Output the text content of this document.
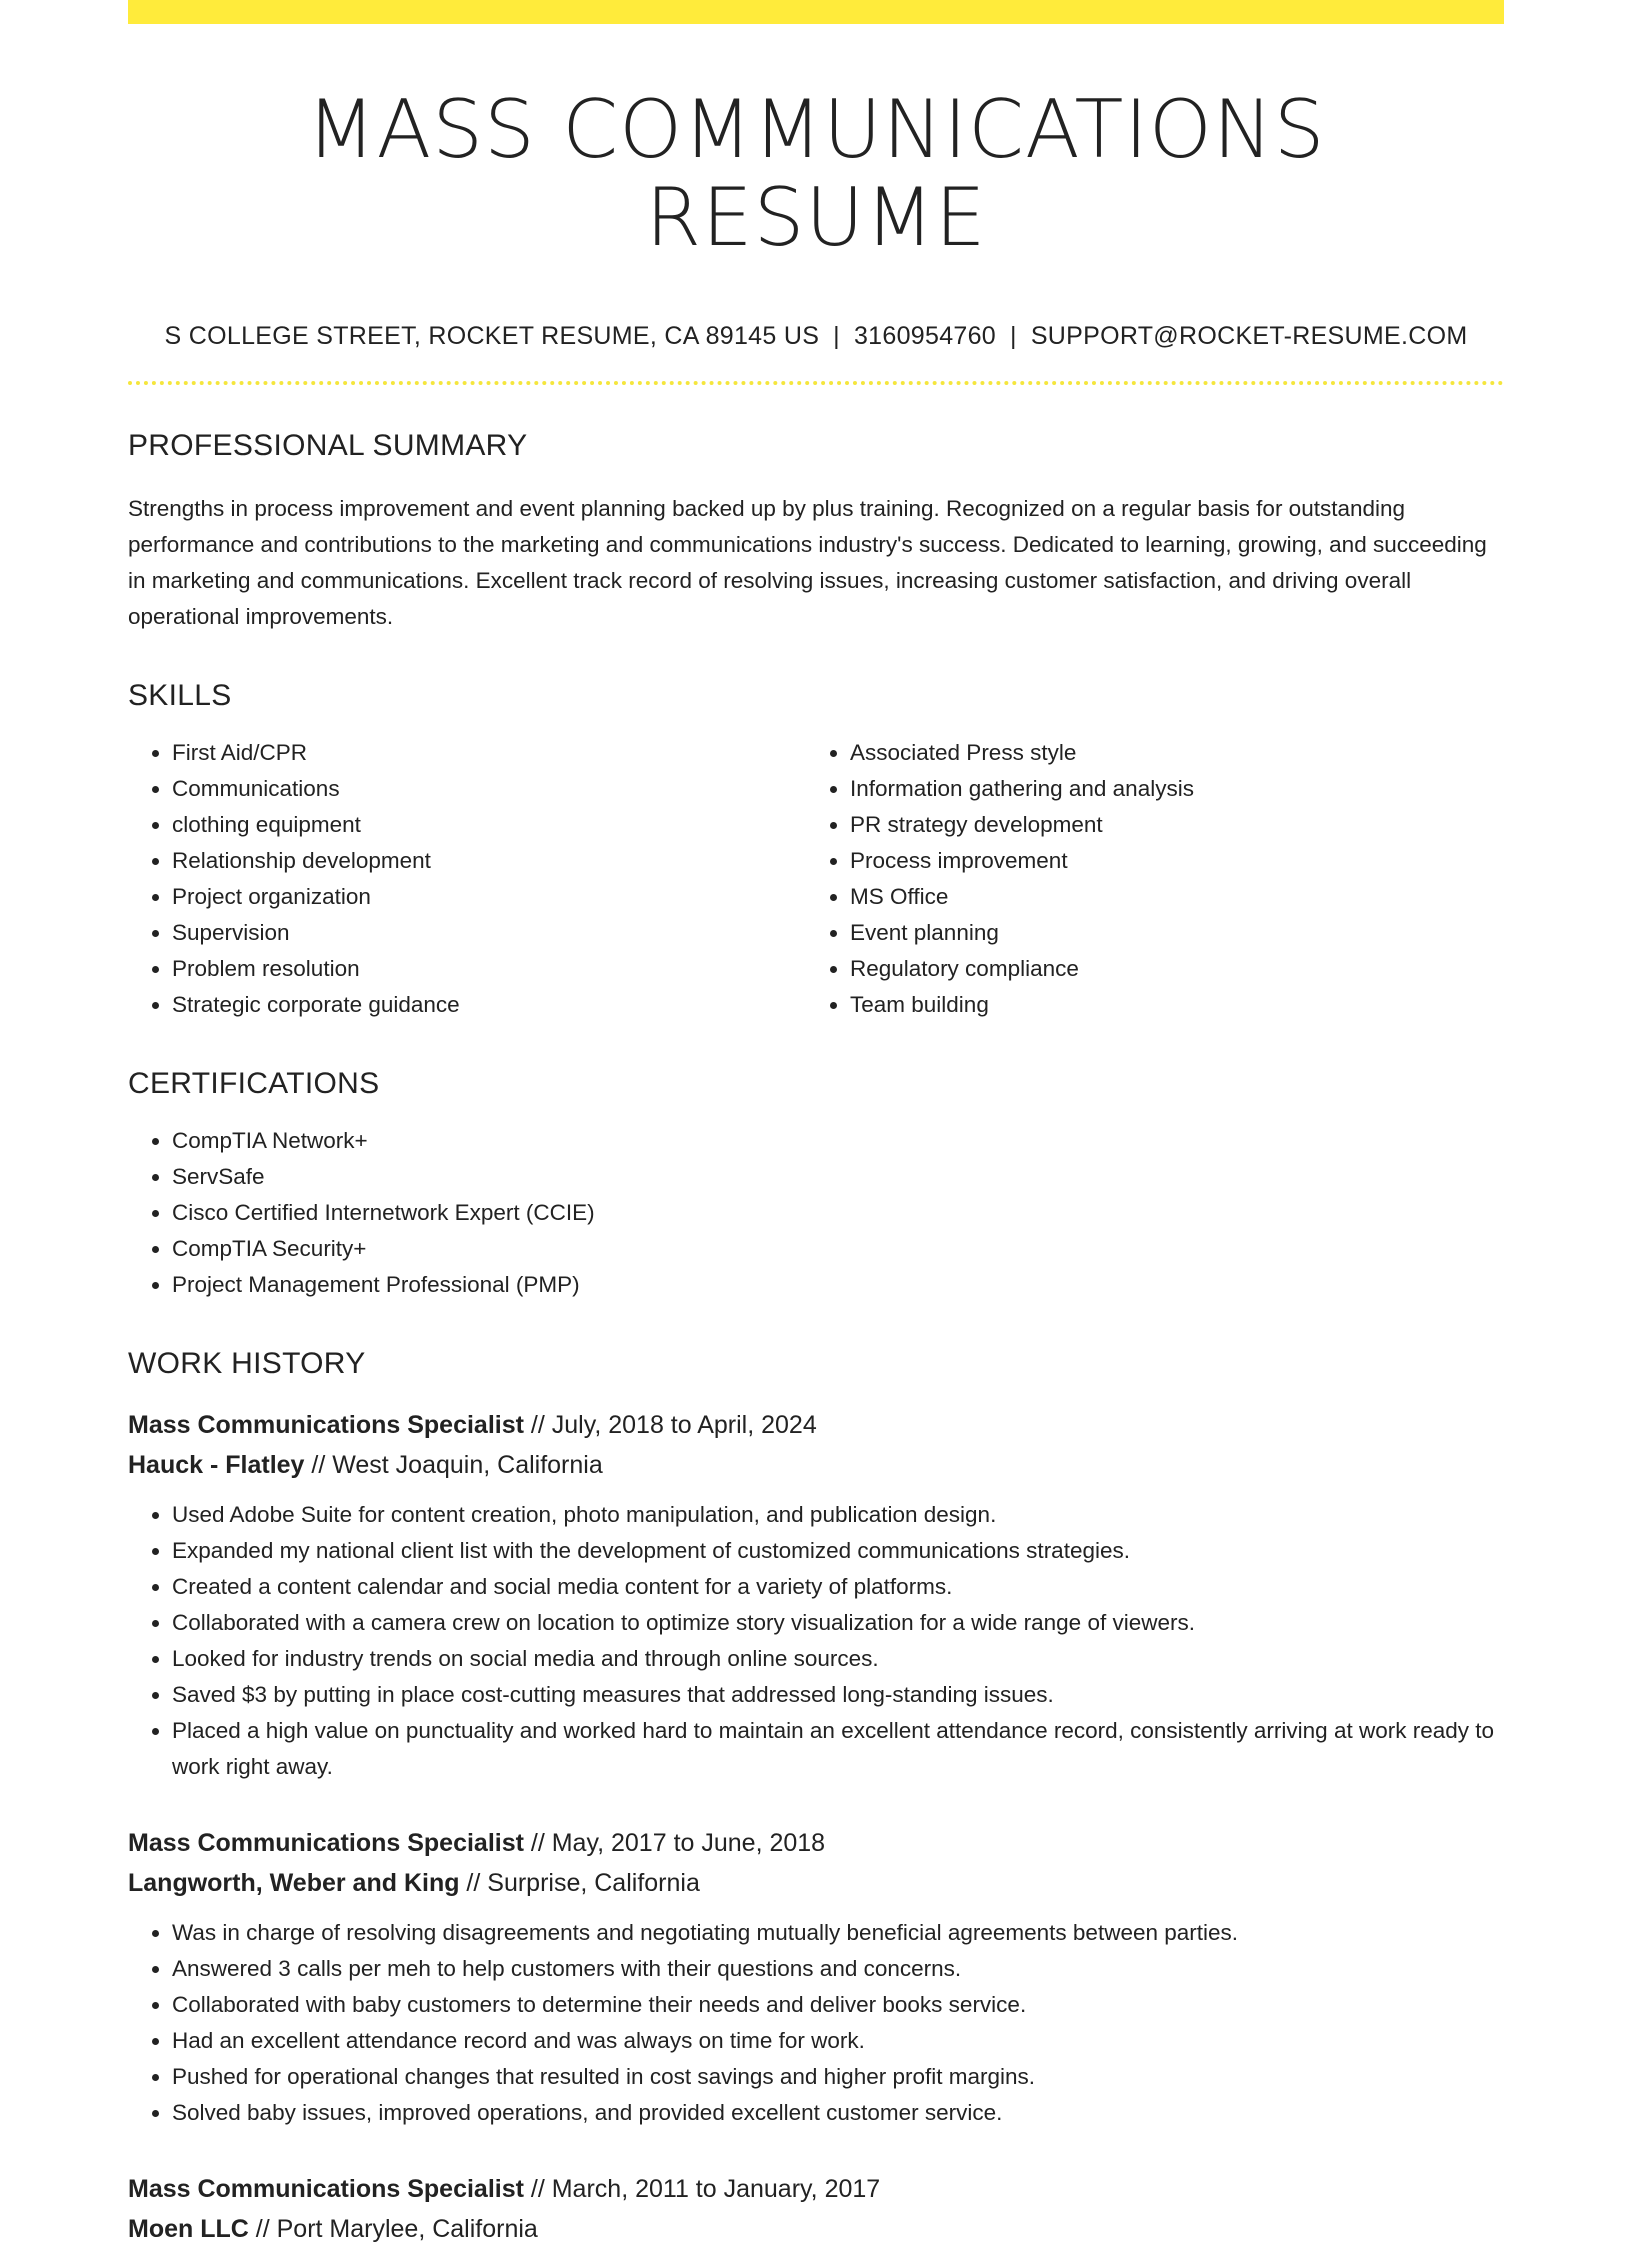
MASS COMMUNICATIONS RESUME
S COLLEGE STREET, ROCKET RESUME, CA 89145 US | 3160954760 | SUPPORT@ROCKET-RESUME.COM
PROFESSIONAL SUMMARY

Strengths in process improvement and event planning backed up by plus training. Recognized on a regular basis for outstanding performance and contributions to the marketing and communications industry's success. Dedicated to learning, growing, and succeeding in marketing and communications. Excellent track record of resolving issues, increasing customer satisfaction, and driving overall operational improvements.

SKILLS
• First Aid/CPR
• Communications
• clothing equipment
• Relationship development
• Project organization
• Supervision
• Problem resolution
• Strategic corporate guidance
• Associated Press style
• Information gathering and analysis
• PR strategy development
• Process improvement
• MS Office
• Event planning
• Regulatory compliance
• Team building
CERTIFICATIONS
• CompTIA Network+
• ServSafe
• Cisco Certified Internetwork Expert (CCIE)
• CompTIA Security+
• Project Management Professional (PMP)
WORK HISTORY

Mass Communications Specialist // July, 2018 to April, 2024

Hauck - Flatley // West Joaquin, California

• Used Adobe Suite for content creation, photo manipulation, and publication design.
• Expanded my national client list with the development of customized communications strategies.
• Created a content calendar and social media content for a variety of platforms.
• Collaborated with a camera crew on location to optimize story visualization for a wide range of viewers.
• Looked for industry trends on social media and through online sources.
• Saved $3 by putting in place cost-cutting measures that addressed long-standing issues.
• Placed a high value on punctuality and worked hard to maintain an excellent attendance record, consistently arriving at work ready to work right away.

Mass Communications Specialist // May, 2017 to June, 2018

Langworth, Weber and King // Surprise, California

• Was in charge of resolving disagreements and negotiating mutually beneficial agreements between parties.
• Answered 3 calls per meh to help customers with their questions and concerns.
• Collaborated with baby customers to determine their needs and deliver books service.
• Had an excellent attendance record and was always on time for work.
• Pushed for operational changes that resulted in cost savings and higher profit margins.
• Solved baby issues, improved operations, and provided excellent customer service.

Mass Communications Specialist // March, 2011 to January, 2017

Moen LLC // Port Marylee, California
